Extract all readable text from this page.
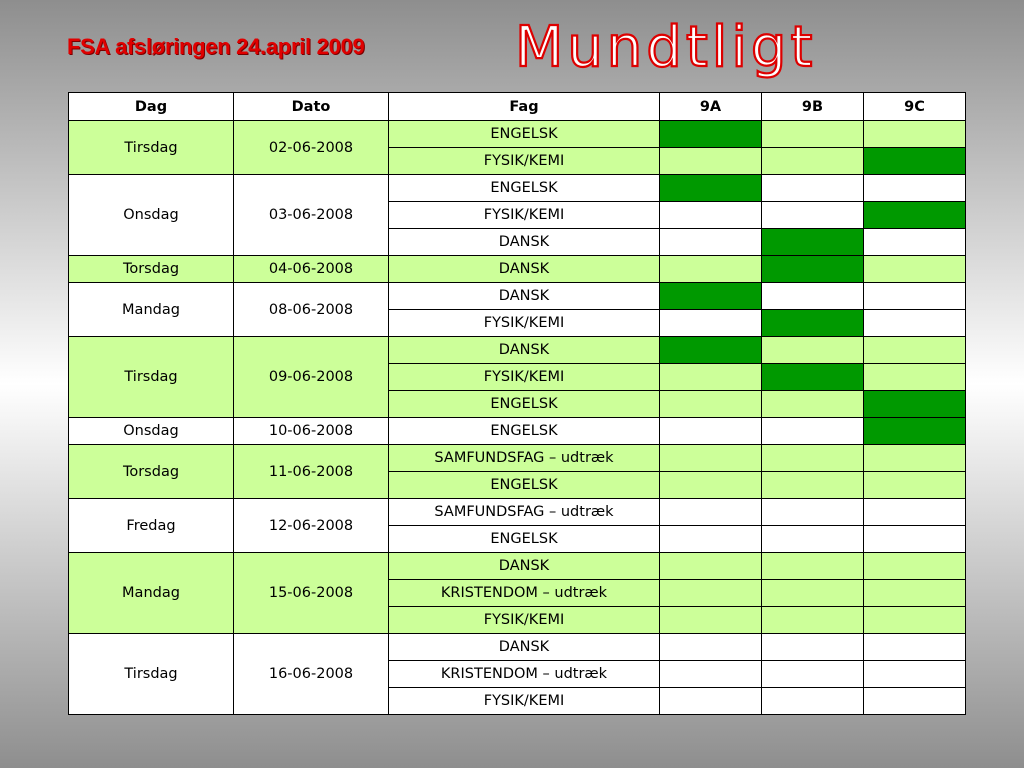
FSA afsløringen 24.april 2009	Mundtligt
Dag	Dato	Fag	9A	9B	9C
Tirsdag	02-06-2008	ENGELSK			
		FYSIK/KEMI			
Onsdag	03-06-2008	ENGELSK			
		FYSIK/KEMI			
		DANSK			
Torsdag	04-06-2008	DANSK			
Mandag	08-06-2008	DANSK			
		FYSIK/KEMI			
Tirsdag	09-06-2008	DANSK			
		FYSIK/KEMI			
		ENGELSK			
Onsdag	10-06-2008	ENGELSK			
Torsdag	11-06-2008	SAMFUNDSFAG – udtræk			
		ENGELSK			
Fredag	12-06-2008	SAMFUNDSFAG – udtræk			
		ENGELSK			
Mandag	15-06-2008	DANSK			
		KRISTENDOM – udtræk			
		FYSIK/KEMI			
Tirsdag	16-06-2008	DANSK			
		KRISTENDOM – udtræk			
		FYSIK/KEMI			
